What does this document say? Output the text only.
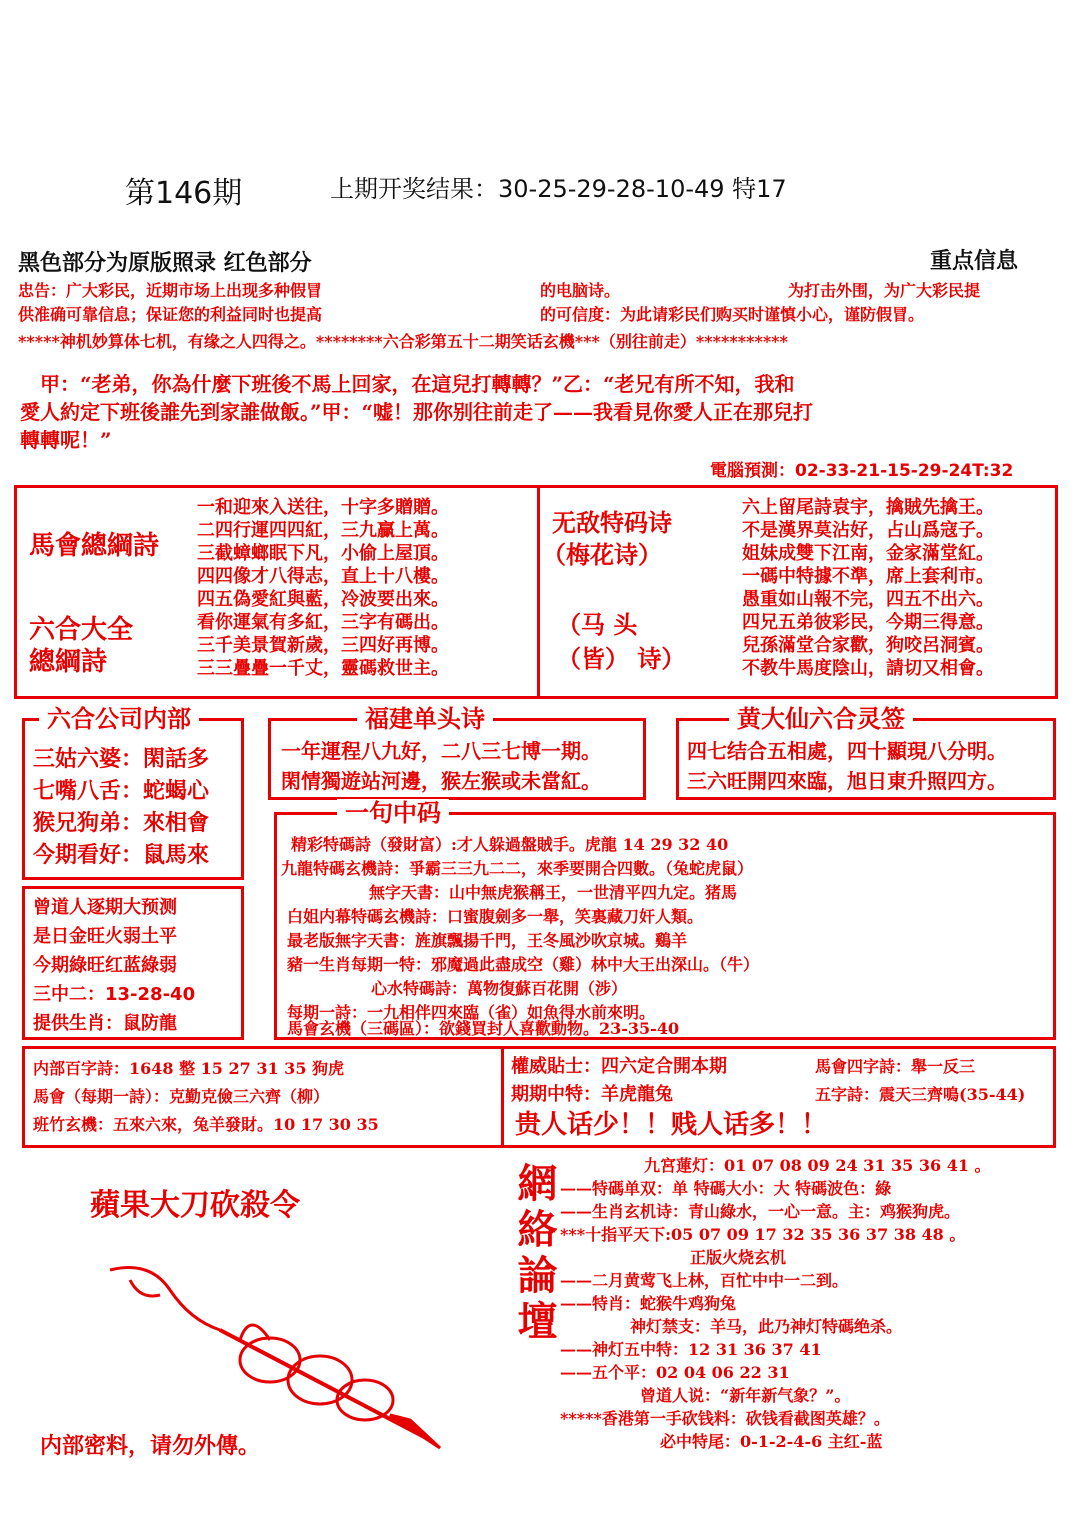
第146期	上期开奖结果：30-25-29-28-10-49 特17
黑色部分为原版照录 红色部分	重点信息
忠告：广大彩民，近期市场上出现多种假冒	的电脑诗。	为打击外围，为广大彩民提
供准确可靠信息；保证您的利益同时也提高	的可信度：为此请彩民们购买时谨慎小心，谨防假冒。
*****神机妙算体七机，有缘之人四得之。********六合彩第五十二期笑话玄機***（别往前走）***********
甲：“老弟，你為什麼下班後不馬上回家，在這兒打轉轉？”乙：“老兄有所不知，我和
愛人約定下班後誰先到家誰做飯。”甲：“嘘！那你别往前走了——我看見你愛人正在那兒打
轉轉呢！”
電腦預測：02-33-21-15-29-24T:32
馬會總綱詩
六合大全
總綱詩
一和迎來入送往，十字多贈贈。
二四行運四四紅，三九贏上萬。
三截蟑螂眠下凡，小偷上屋頂。
四四像才八得志，直上十八樓。
四五偽愛紅與藍，冷波要出來。
看你運氣有多紅，三字有碼出。
三千美景賀新歲，三四好再博。
三三疊疊一千丈，靈碼救世主。
无敌特码诗
（梅花诗）
（马 头 （皆） 诗）
六上留尾詩袁宇，擒賊先擒王。
不是漢界莫沾好，占山爲寇子。
姐妹成雙下江南，金家滿堂紅。
一碼中特據不準，席上套利市。
愚重如山報不完，四五不出六。
四兄五弟彼彩民，今期三得意。
兒孫滿堂合家歡，狗咬呂洞賓。
不教牛馬度陰山，請切又相會。
六合公司内部
三姑六婆：閑話多
七嘴八舌：蛇蝎心
猴兄狗弟：來相會
今期看好：鼠馬來
福建单头诗
一年運程八九好，二八三七博一期。
閑情獨遊站河邊，猴左猴或未當紅。
黄大仙六合灵签
四七结合五相處，四十顯現八分明。
三六旺開四來臨，旭日東升照四方。
曾道人逐期大预测
是日金旺火弱土平
今期綠旺红蓝綠弱
三中二：13-28-40
提供生肖：鼠防龍
一句中码
精彩特碼詩（發財富）:才人躲過盤賊手。虎龍 14 29 32 40
九龍特碼玄機詩：爭霸三三九二二，來季要開合四數。（兔蛇虎鼠）
無字天書：山中無虎猴稱王，一世清平四九定。猪馬
白姐内幕特碼玄機詩：口蜜腹劍多一舉，笑裏藏刀奸人類。
最老版無字天書：旌旗飄揚千門，王冬風沙吹京城。鷄羊
豬一生肖每期一特：邪魔過此盡成空（雞）林中大王出深山。（牛）
心水特碼詩：萬物復蘇百花開（涉）
每期一詩：一九相伴四來臨（雀）如魚得水前來明。
馬會玄機（三碼區）：欲錢買封人喜歡動物。23-35-40
内部百字詩：1648 整 15 27 31 35 狗虎
馬會（每期一詩）：克勤克儉三六齊（柳）
班竹玄機：五來六來，兔羊發財。10 17 30 35
權威貼士：四六定合開本期
期期中特：羊虎龍兔
馬會四字詩：舉一反三
五字詩：震天三齊鳴(35-44)
贵人话少！！贱人话多！！
蘋果大刀砍殺令
内部密料，请勿外傳。
網絡論壇	九宮蓮灯：01 07 08 09 24 31 35 36 41 。
——特碼单双：单 特碼大小：大 特碼波色：綠
——生肖玄机诗：青山綠水，一心一意。主：鸡猴狗虎。
***十指平天下:05 07 09 17 32 35 36 37 38 48 。
正版火烧玄机
——二月黄莺飞上林，百忙中中一二到。
——特肖：蛇猴牛鸡狗兔
神灯禁支：羊马，此乃神灯特碼绝杀。
——神灯五中特：12 31 36 37 41
——五个平：02 04 06 22 31
曾道人说：“新年新气象？”。
*****香港第一手砍钱料：砍钱看截图英雄？。
必中特尾：0-1-2-4-6 主红-蓝
